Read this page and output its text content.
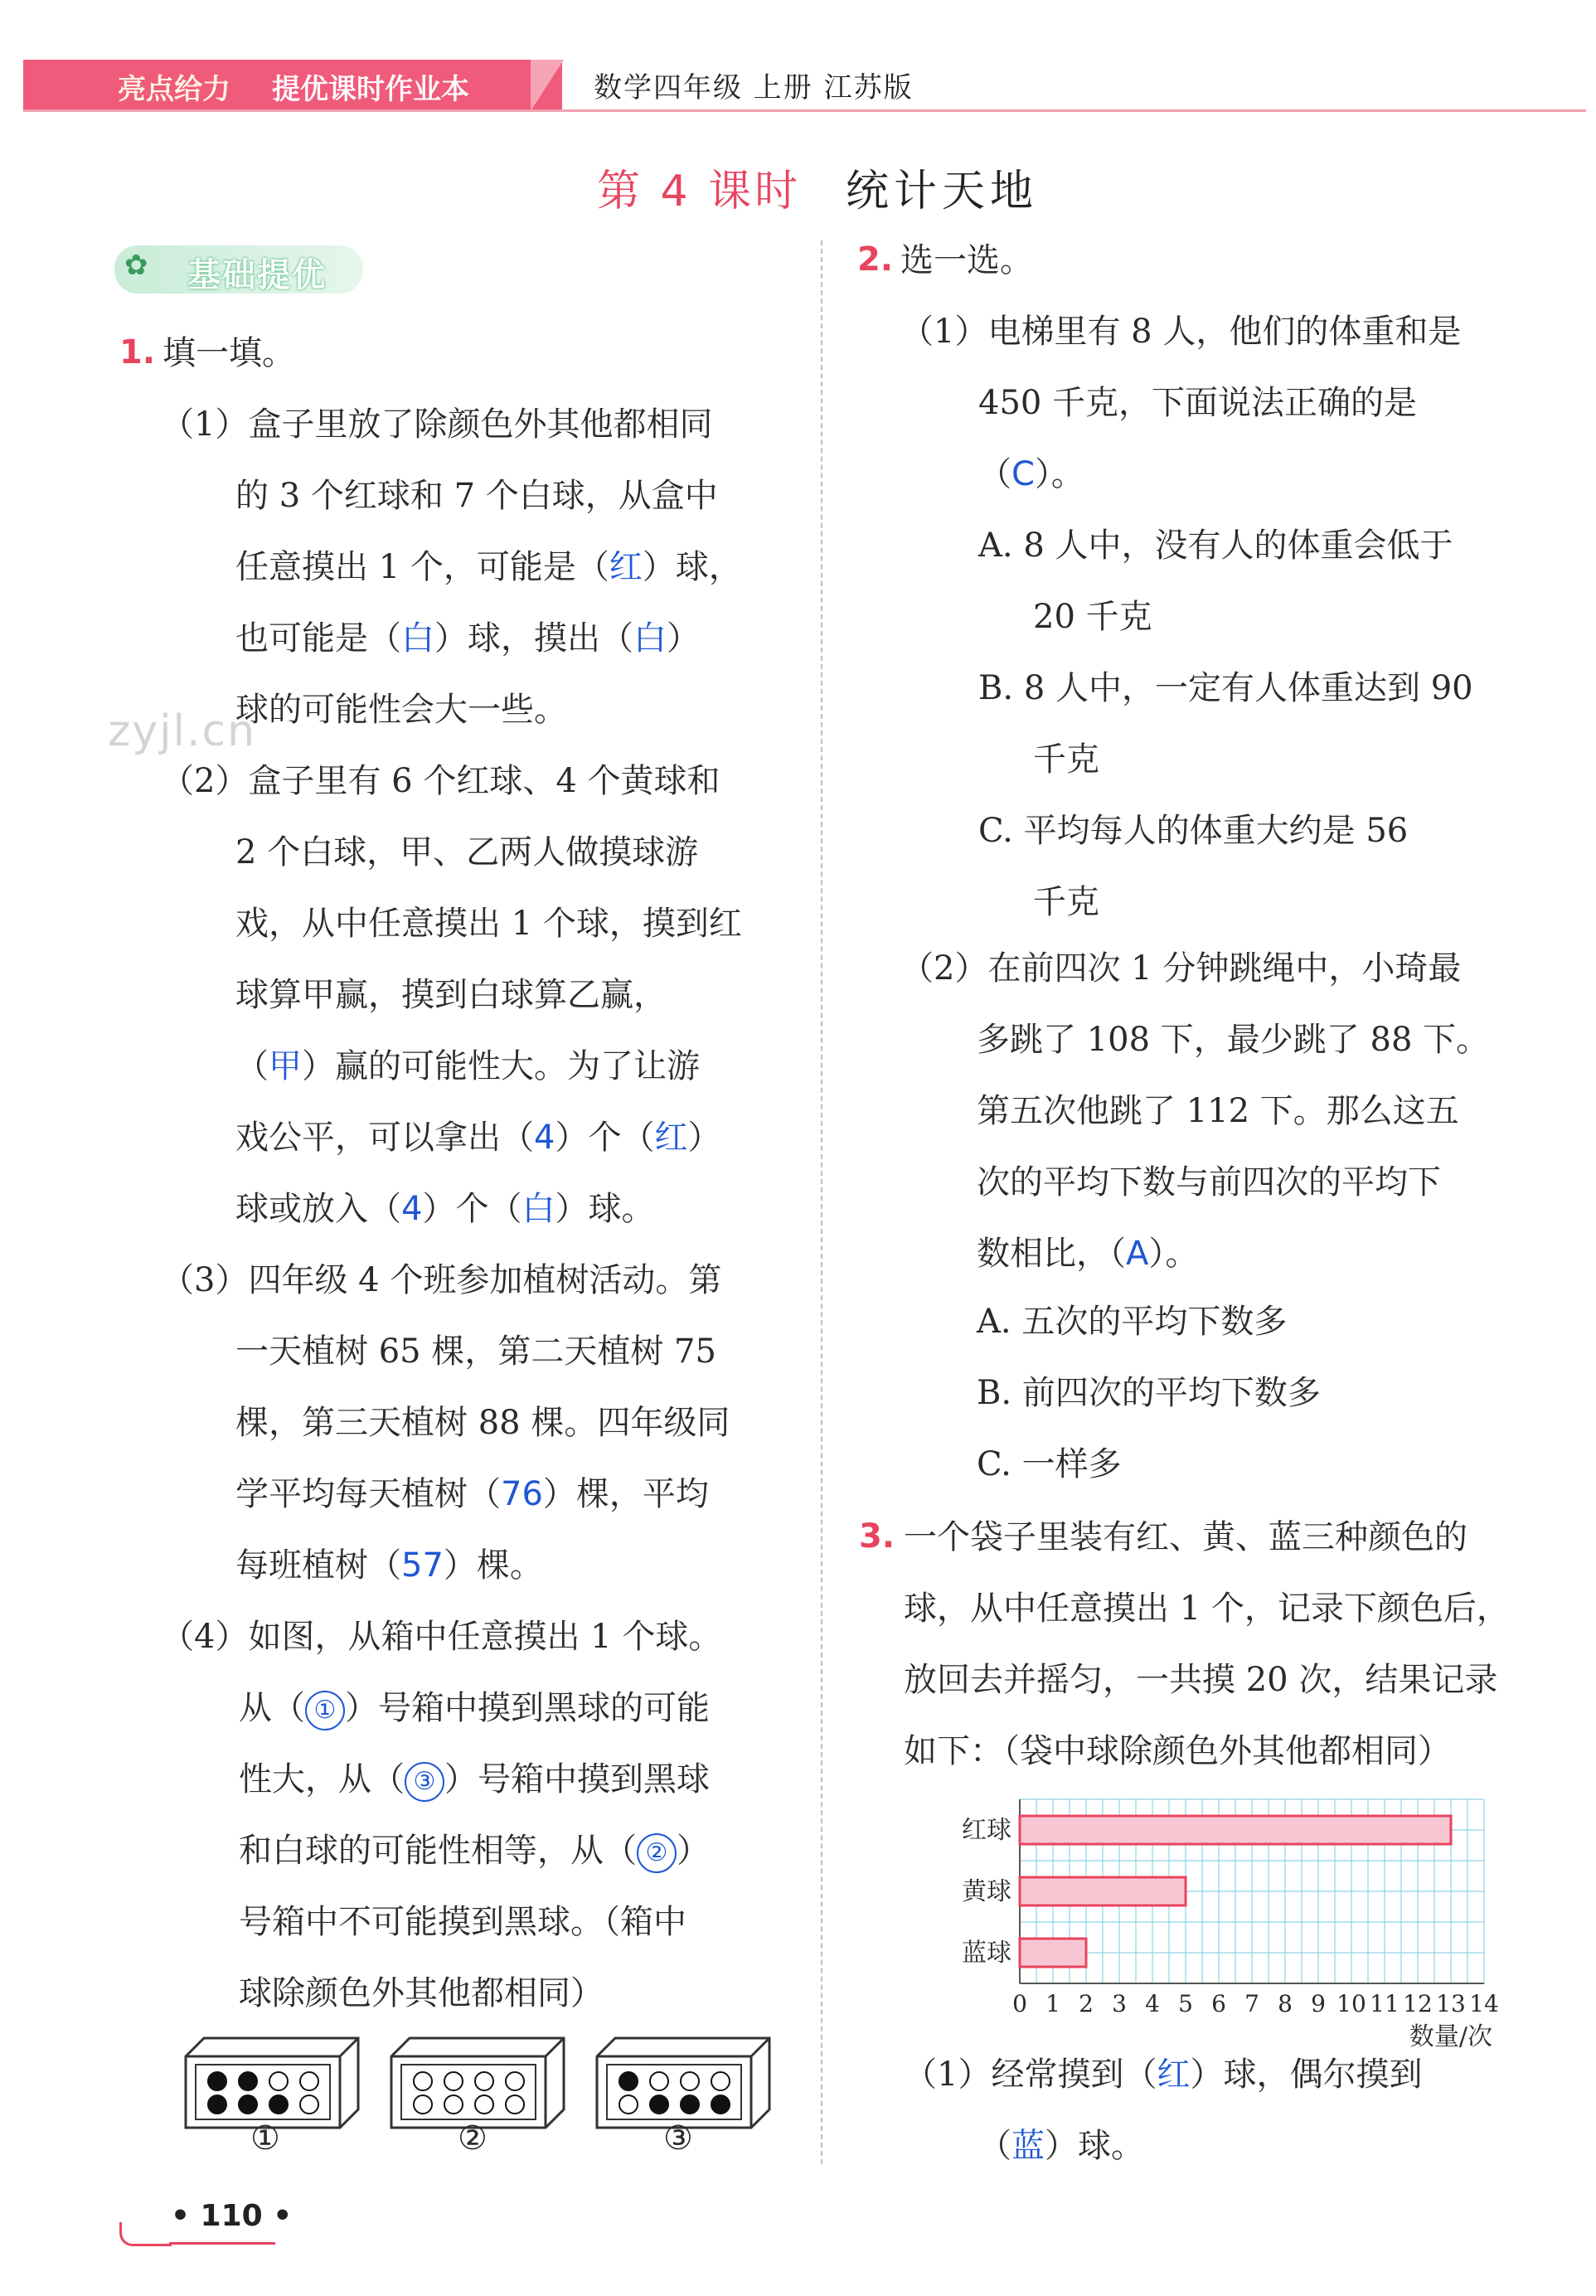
亮点给力 提优课时作业本	数学四年级 上册 江苏版
第 4 课时 统计天地
✿ 基础提优
1. 填一填。
（1）盒子里放了除颜色外其他都相同
的 3 个红球和 7 个白球，从盒中
任意摸出 1 个，可能是（红）球，
也可能是（白）球，摸出（白）
球的可能性会大一些。
zyjl.cn
（2）盒子里有 6 个红球、4 个黄球和
2 个白球，甲、乙两人做摸球游
戏，从中任意摸出 1 个球，摸到红
球算甲赢，摸到白球算乙赢，
（甲）赢的可能性大。为了让游
戏公平，可以拿出（4）个（红）
球或放入（4）个（白）球。
（3）四年级 4 个班参加植树活动。第
一天植树 65 棵，第二天植树 75
棵，第三天植树 88 棵。四年级同
学平均每天植树（76）棵，平均
每班植树（57）棵。
（4）如图，从箱中任意摸出 1 个球。
从（ ① ）号箱中摸到黑球的可能
性大，从（ ③ ）号箱中摸到黑球
和白球的可能性相等，从（ ② ）
号箱中不可能摸到黑球。（箱中
球除颜色外其他都相同）
①	②	③
2. 选一选。
（1）电梯里有 8 人，他们的体重和是
450 千克，下面说法正确的是
（C）。
A. 8 人中，没有人的体重会低于
20 千克
B. 8 人中，一定有人体重达到 90
千克
C. 平均每人的体重大约是 56
千克
（2）在前四次 1 分钟跳绳中，小琦最
多跳了 108 下，最少跳了 88 下。
第五次他跳了 112 下。那么这五
次的平均下数与前四次的平均下
数相比，（A）。
A. 五次的平均下数多
B. 前四次的平均下数多
C. 一样多
3. 一个袋子里装有红、黄、蓝三种颜色的
球，从中任意摸出 1 个，记录下颜色后，
放回去并摇匀，一共摸 20 次，结果记录
如下：（袋中球除颜色外其他都相同）
红球
黄球
蓝球
0 1 2 3 4 5 6 7 8 9 10 11 12 13 14
数量/次
（1）经常摸到（红）球，偶尔摸到
（蓝）球。
• 110 •
